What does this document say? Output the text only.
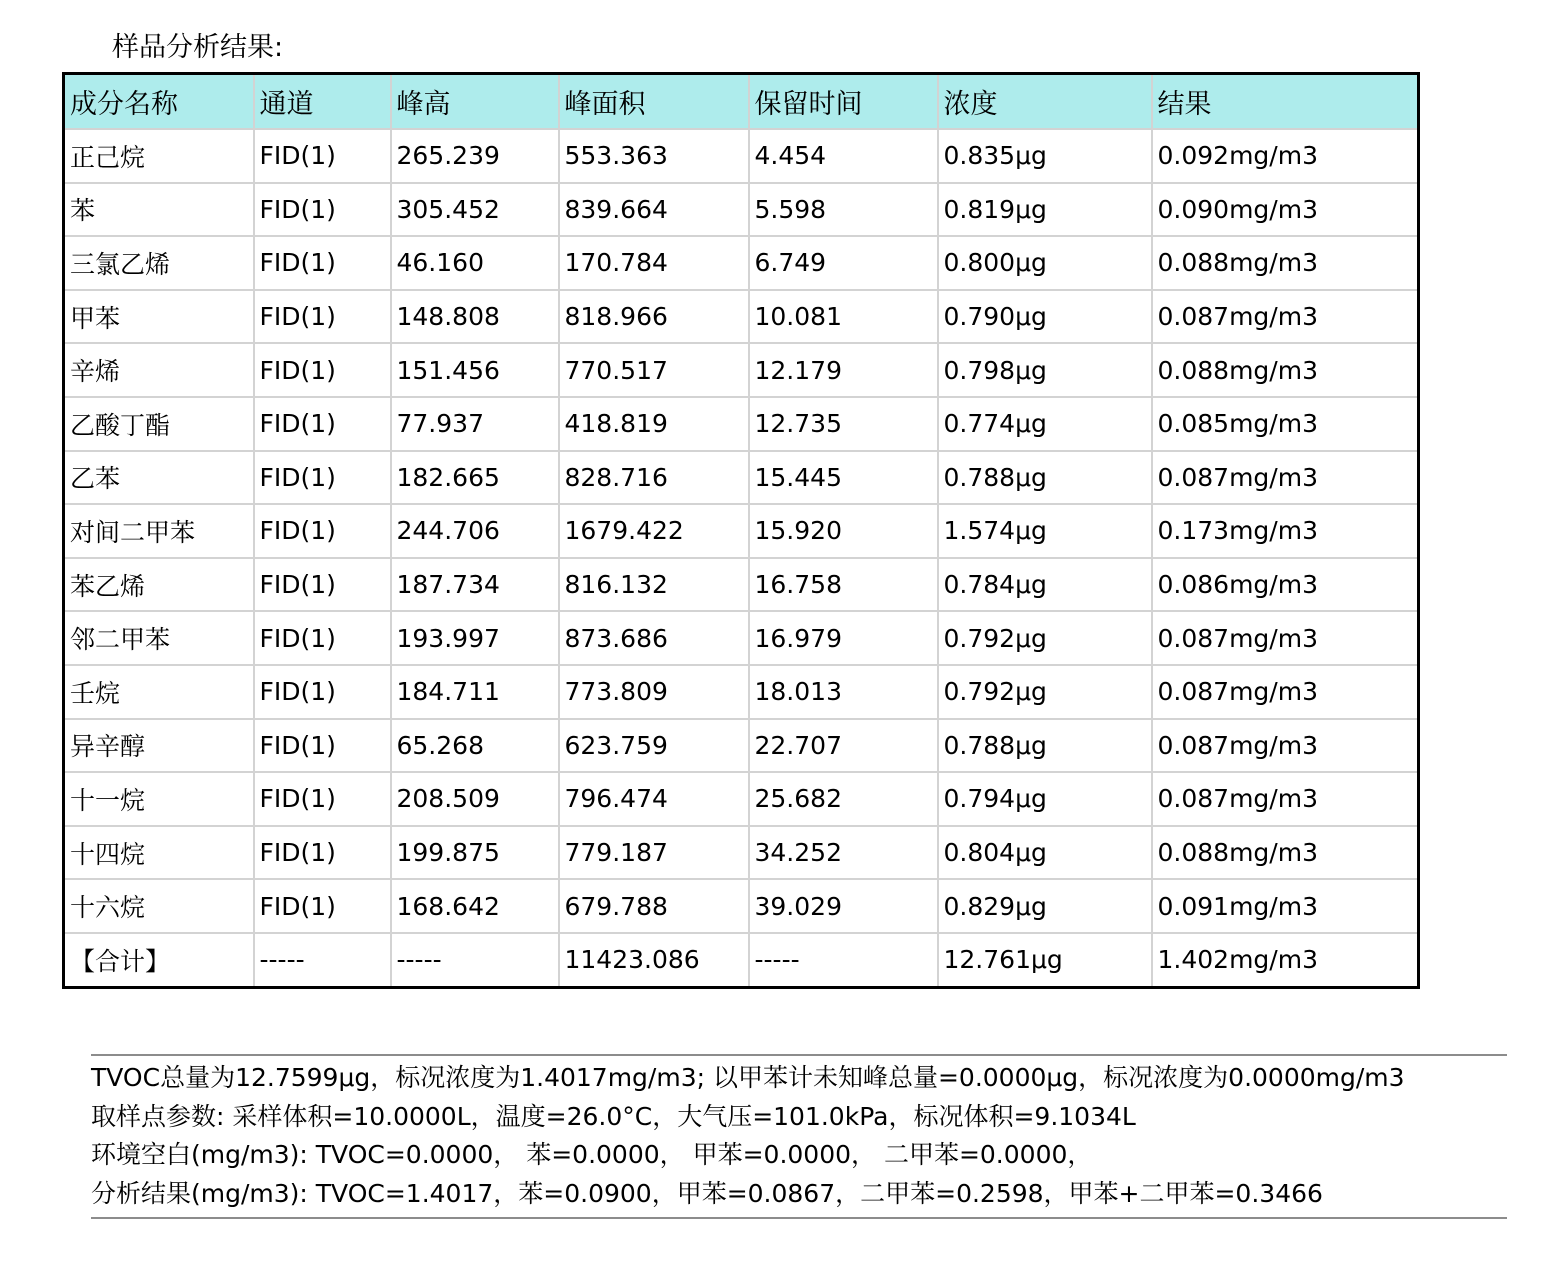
样品分析结果:
成分名称	通道	峰高	峰面积	保留时间	浓度	结果
正己烷	FID(1)	265.239	553.363	4.454	0.835μg	0.092mg/m3
苯	FID(1)	305.452	839.664	5.598	0.819μg	0.090mg/m3
三氯乙烯	FID(1)	46.160	170.784	6.749	0.800μg	0.088mg/m3
甲苯	FID(1)	148.808	818.966	10.081	0.790μg	0.087mg/m3
辛烯	FID(1)	151.456	770.517	12.179	0.798μg	0.088mg/m3
乙酸丁酯	FID(1)	77.937	418.819	12.735	0.774μg	0.085mg/m3
乙苯	FID(1)	182.665	828.716	15.445	0.788μg	0.087mg/m3
对间二甲苯	FID(1)	244.706	1679.422	15.920	1.574μg	0.173mg/m3
苯乙烯	FID(1)	187.734	816.132	16.758	0.784μg	0.086mg/m3
邻二甲苯	FID(1)	193.997	873.686	16.979	0.792μg	0.087mg/m3
壬烷	FID(1)	184.711	773.809	18.013	0.792μg	0.087mg/m3
异辛醇	FID(1)	65.268	623.759	22.707	0.788μg	0.087mg/m3
十一烷	FID(1)	208.509	796.474	25.682	0.794μg	0.087mg/m3
十四烷	FID(1)	199.875	779.187	34.252	0.804μg	0.088mg/m3
十六烷	FID(1)	168.642	679.788	39.029	0.829μg	0.091mg/m3
【合计】	-----	-----	11423.086	-----	12.761μg	1.402mg/m3
TVOC总量为12.7599μg，标况浓度为1.4017mg/m3; 以甲苯计未知峰总量=0.0000μg，标况浓度为0.0000mg/m3
取样点参数: 采样体积=10.0000L，温度=26.0°C，大气压=101.0kPa，标况体积=9.1034L
环境空白(mg/m3): TVOC=0.0000， 苯=0.0000， 甲苯=0.0000， 二甲苯=0.0000，
分析结果(mg/m3): TVOC=1.4017，苯=0.0900，甲苯=0.0867，二甲苯=0.2598，甲苯+二甲苯=0.3466
